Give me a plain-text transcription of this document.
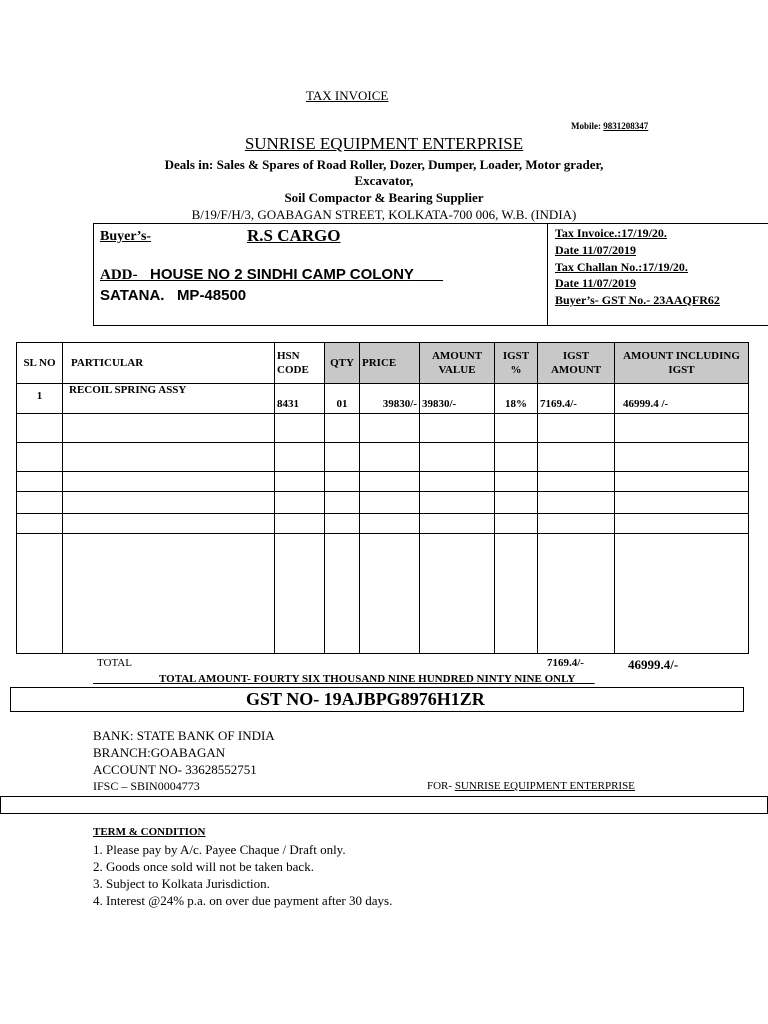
TAX INVOICE
Mobile: 9831208347
SUNRISE EQUIPMENT ENTERPRISE
Deals in: Sales & Spares of Road Roller, Dozer, Dumper, Loader, Motor grader,
Excavator,
Soil Compactor & Bearing Supplier
B/19/F/H/3, GOABAGAN STREET, KOLKATA-700 006, W.B. (INDIA)
Buyer’s-	R.S CARGO
ADD- HOUSE NO 2 SINDHI CAMP COLONY
SATANA.   MP-48500
Tax Invoice.:17/19/20.
Date 11/07/2019
Tax Challan No.:17/19/20.
Date 11/07/2019
Buyer’s- GST No.- 23AAQFR62
SL NO	PARTICULAR	HSN CODE	QTY	PRICE	AMOUNT VALUE	IGST %	IGST AMOUNT	AMOUNT INCLUDING IGST
1	RECOIL SPRING ASSY	8431	01	39830/-	39830/-	18%	7169.4/-	46999.4 /-

TOTAL	7169.4/-	46999.4/-
TOTAL AMOUNT- FOURTY SIX THOUSAND NINE HUNDRED NINTY NINE ONLY
GST NO- 19AJBPG8976H1ZR
BANK: STATE BANK OF INDIA
BRANCH:GOABAGAN
ACCOUNT NO- 33628552751
IFSC – SBIN0004773	FOR- SUNRISE EQUIPMENT ENTERPRISE
TERM & CONDITION
1. Please pay by A/c. Payee Chaque / Draft only.
2. Goods once sold will not be taken back.
3. Subject to Kolkata Jurisdiction.
4. Interest @24% p.a. on over due payment after 30 days.
